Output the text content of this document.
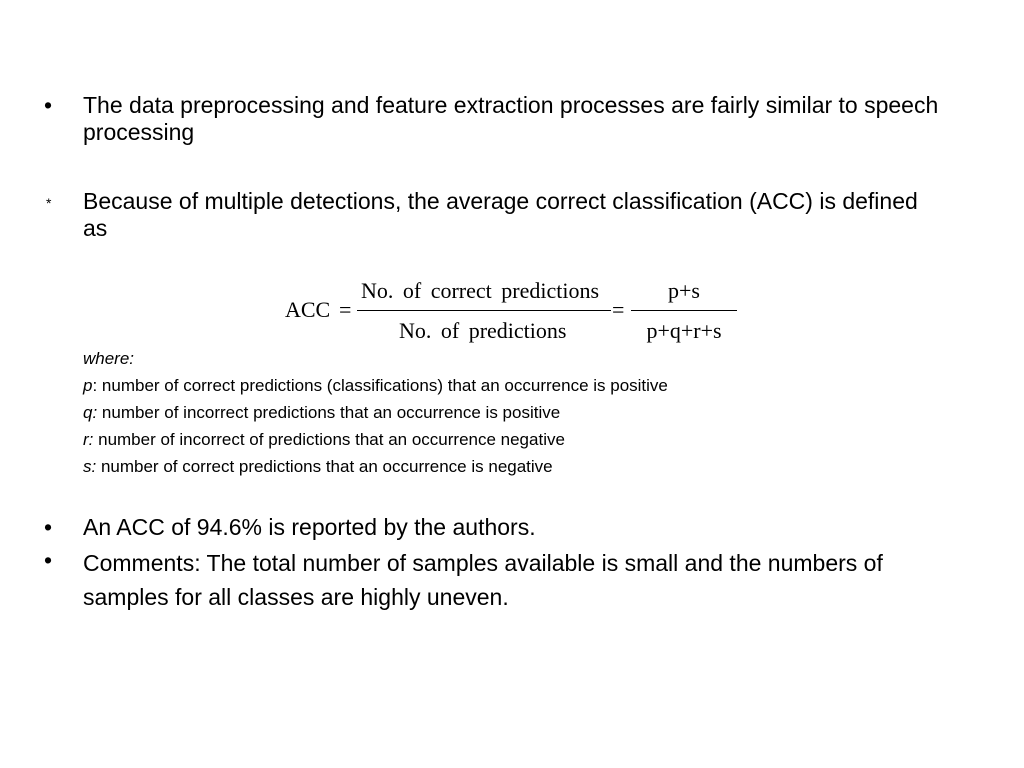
• The data preprocessing and feature extraction processes are fairly similar to speech processing
* Because of multiple detections, the average correct classification (ACC) is defined as
ACC =
No. of correct predictions
No. of predictions
=
p+s
p+q+r+s
where:
p: number of correct predictions (classifications) that an occurrence is positive
q: number of incorrect predictions that an occurrence is positive
r: number of incorrect of predictions that an occurrence negative
s: number of correct predictions that an occurrence is negative
• An ACC of 94.6% is reported by the authors.
• Comments: The total number of samples available is small and the numbers of samples for all classes are highly uneven.
